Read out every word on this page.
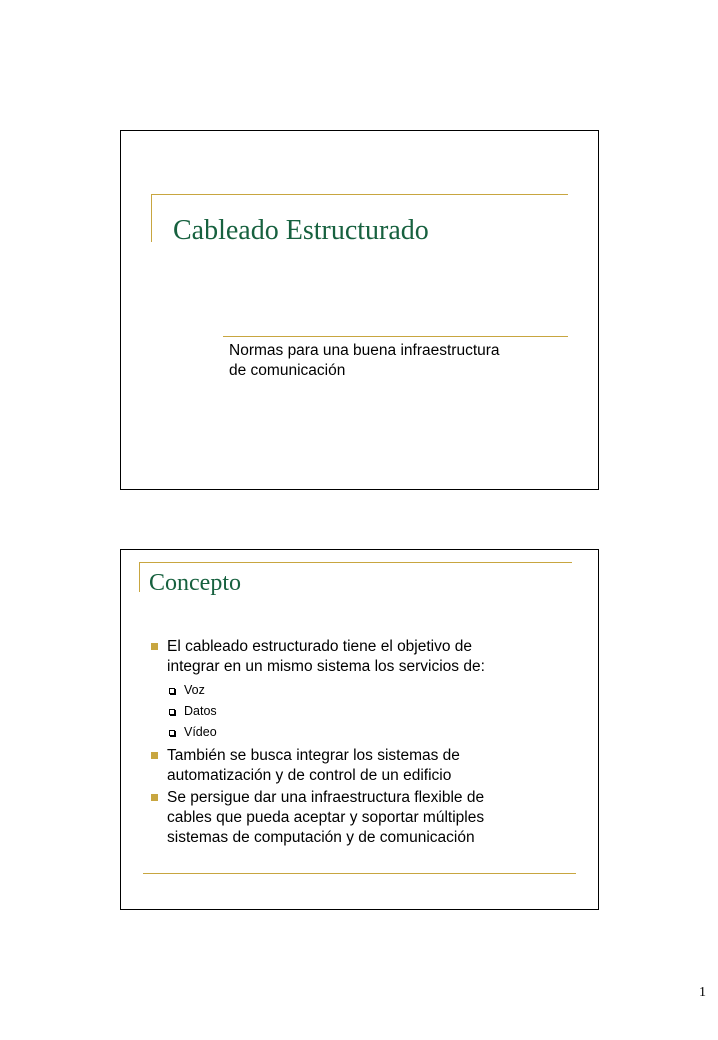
Cableado Estructurado

Normas para una buena infraestructura
de comunicación

Concepto
El cableado estructurado tiene el objetivo de
integrar en un mismo sistema los servicios de:
Voz
Datos
Vídeo
También se busca integrar los sistemas de
automatización y de control de un edificio
Se persigue dar una infraestructura flexible de
cables que pueda aceptar y soportar múltiples
sistemas de computación y de comunicación

1
